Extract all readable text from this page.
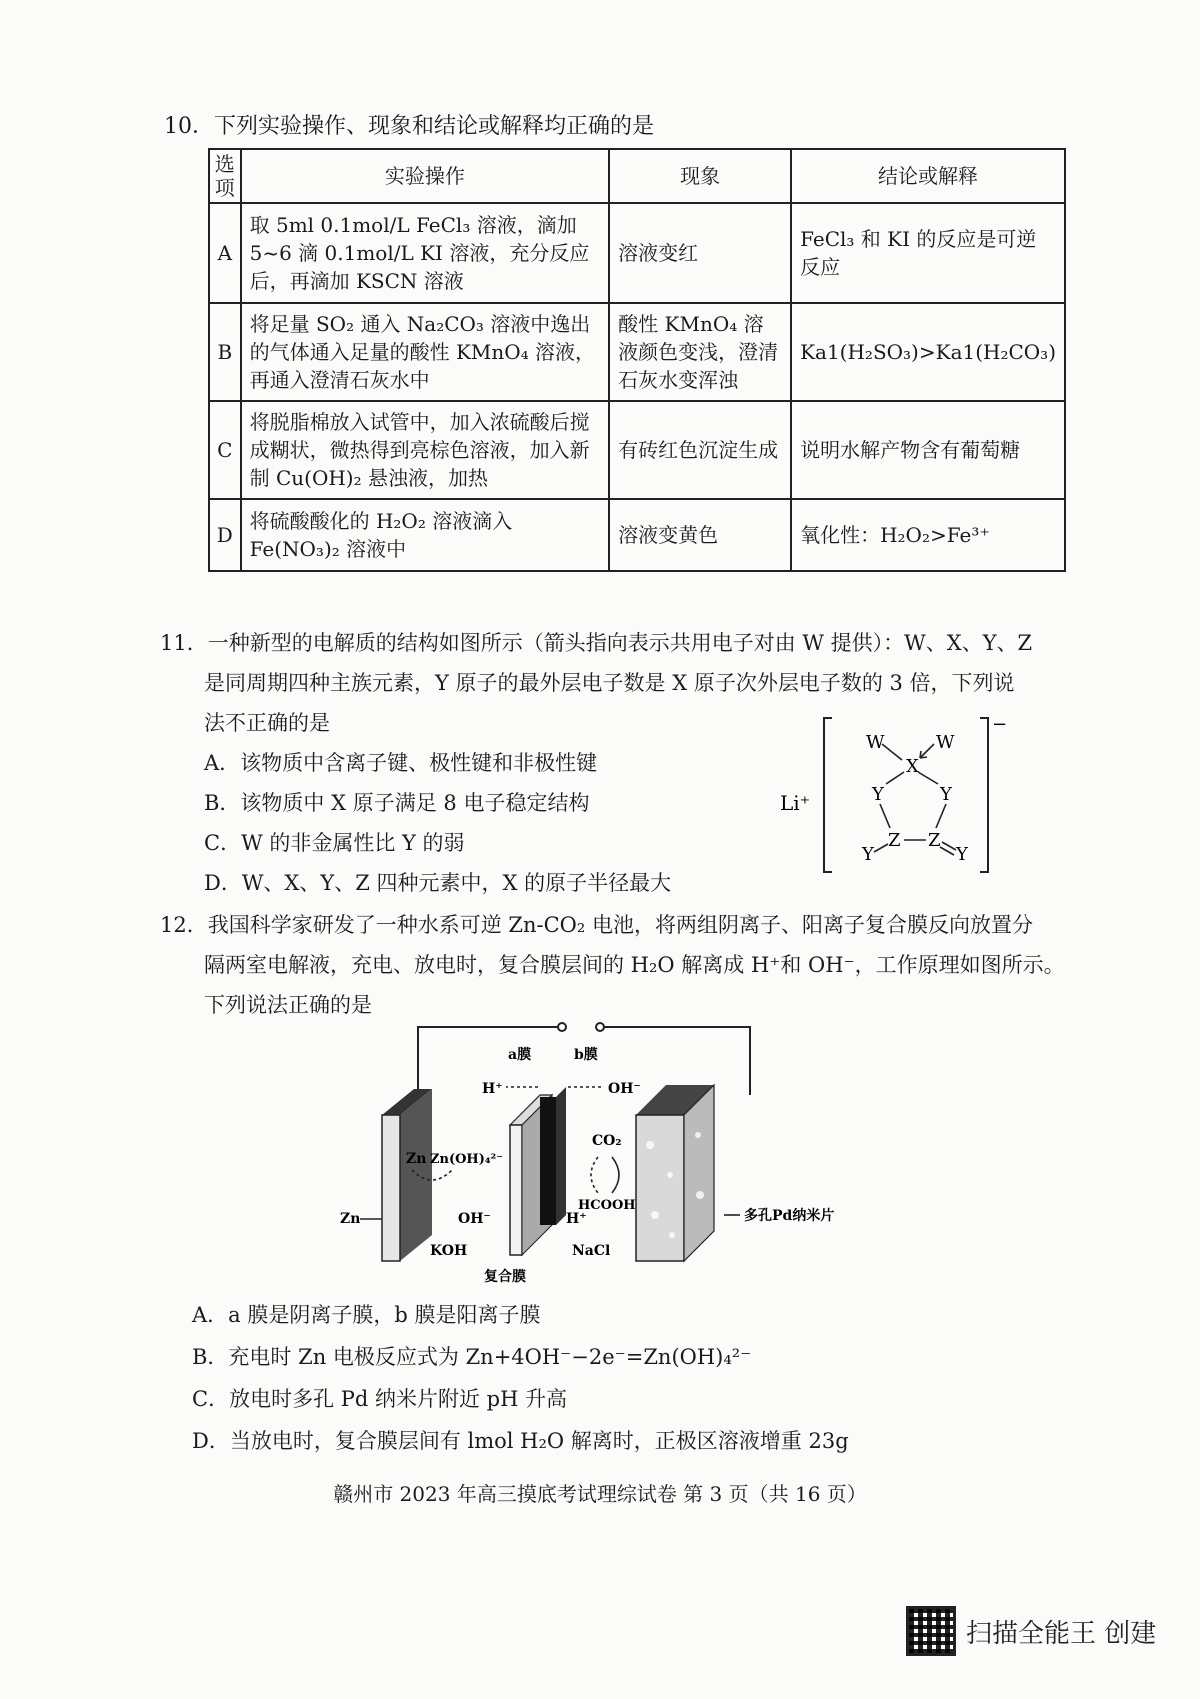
10．下列实验操作、现象和结论或解释均正确的是
选项	实验操作	现象	结论或解释
A	取 5ml 0.1mol/L FeCl₃ 溶液，滴加 5~6 滴 0.1mol/L KI 溶液，充分反应后，再滴加 KSCN 溶液	溶液变红	FeCl₃ 和 KI 的反应是可逆反应
B	将足量 SO₂ 通入 Na₂CO₃ 溶液中逸出的气体通入足量的酸性 KMnO₄ 溶液，再通入澄清石灰水中	酸性 KMnO₄ 溶液颜色变浅，澄清石灰水变浑浊	Ka1(H₂SO₃)>Ka1(H₂CO₃)
C	将脱脂棉放入试管中，加入浓硫酸后搅成糊状，微热得到亮棕色溶液，加入新制 Cu(OH)₂ 悬浊液，加热	有砖红色沉淀生成	说明水解产物含有葡萄糖
D	将硫酸酸化的 H₂O₂ 溶液滴入 Fe(NO₃)₂ 溶液中	溶液变黄色	氧化性：H₂O₂>Fe³⁺
11．一种新型的电解质的结构如图所示（箭头指向表示共用电子对由 W 提供）：W、X、Y、Z
是同周期四种主族元素，Y 原子的最外层电子数是 X 原子次外层电子数的 3 倍，下列说
法不正确的是
A．该物质中含离子键、极性键和非极性键
B．该物质中 X 原子满足 8 电子稳定结构
C．W 的非金属性比 Y 的弱
D．W、X、Y、Z 四种元素中，X 的原子半径最大
Li⁺
−
W	W
X
Y	Y
Z Z
Y	Y
12．我国科学家研发了一种水系可逆 Zn-CO₂ 电池，将两组阴离子、阳离子复合膜反向放置分
隔两室电解液，充电、放电时，复合膜层间的 H₂O 解离成 H⁺和 OH⁻，工作原理如图所示。
下列说法正确的是
a膜	b膜
H⁺	OH⁻
Zn Zn(OH)₄²⁻
CO₂
HCOOH
Zn	OH⁻	H⁺
KOH	NaCl
复合膜
多孔Pd纳米片
A．a 膜是阴离子膜，b 膜是阳离子膜
B．充电时 Zn 电极反应式为 Zn+4OH⁻−2e⁻=Zn(OH)₄²⁻
C．放电时多孔 Pd 纳米片附近 pH 升高
D．当放电时，复合膜层间有 lmol H₂O 解离时，正极区溶液增重 23g
赣州市 2023 年高三摸底考试理综试卷 第 3 页（共 16 页）
扫描全能王 创建
